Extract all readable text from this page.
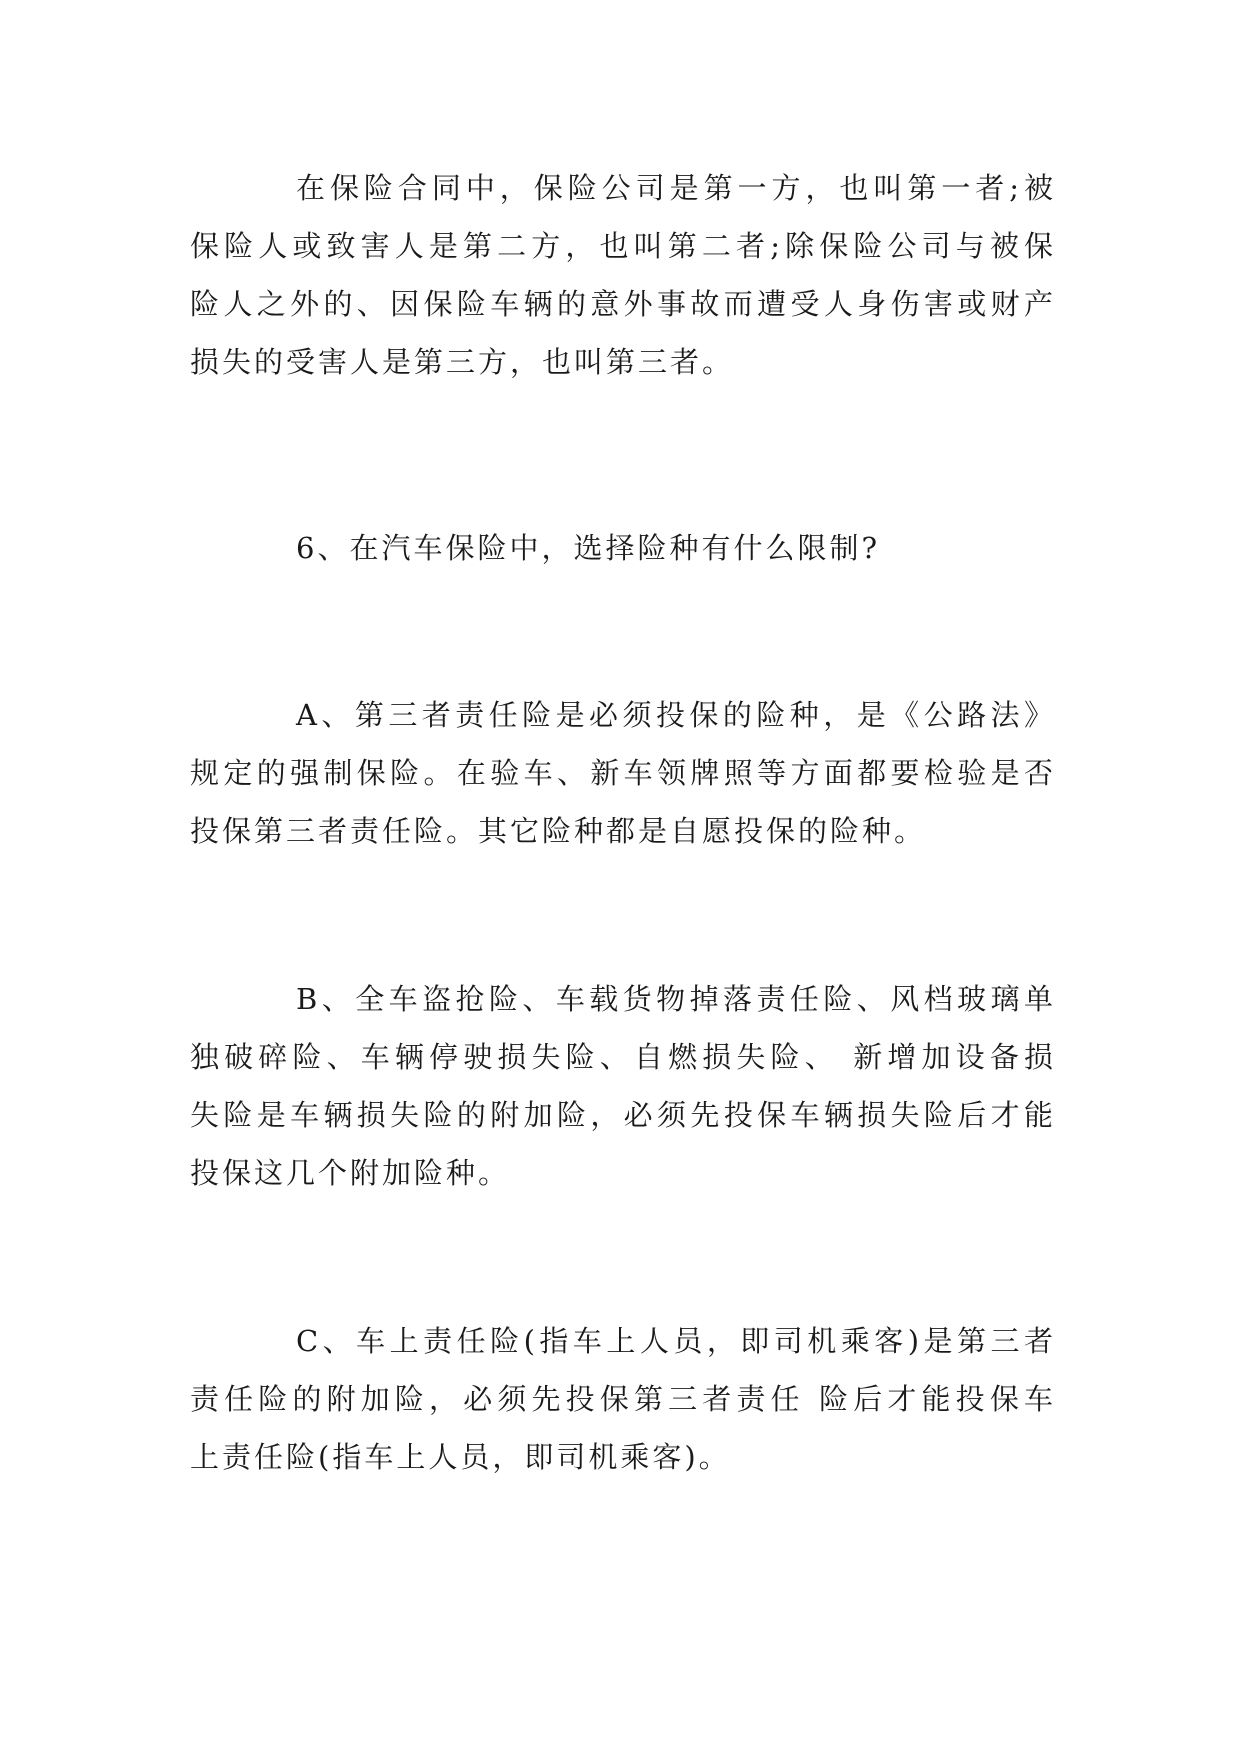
在保险合同中，保险公司是第一方，也叫第一者;被
保险人或致害人是第二方，也叫第二者;除保险公司与被保
险人之外的、因保险车辆的意外事故而遭受人身伤害或财产
损失的受害人是第三方，也叫第三者。
6、在汽车保险中，选择险种有什么限制?
A、第三者责任险是必须投保的险种，是《公路法》
规定的强制保险。在验车、新车领牌照等方面都要检验是否
投保第三者责任险。其它险种都是自愿投保的险种。
B、全车盗抢险、车载货物掉落责任险、风档玻璃单
独破碎险、车辆停驶损失险、自燃损失险、 新增加设备损
失险是车辆损失险的附加险，必须先投保车辆损失险后才能
投保这几个附加险种。
C、车上责任险(指车上人员，即司机乘客)是第三者
责任险的附加险，必须先投保第三者责任 险后才能投保车
上责任险(指车上人员，即司机乘客)。
